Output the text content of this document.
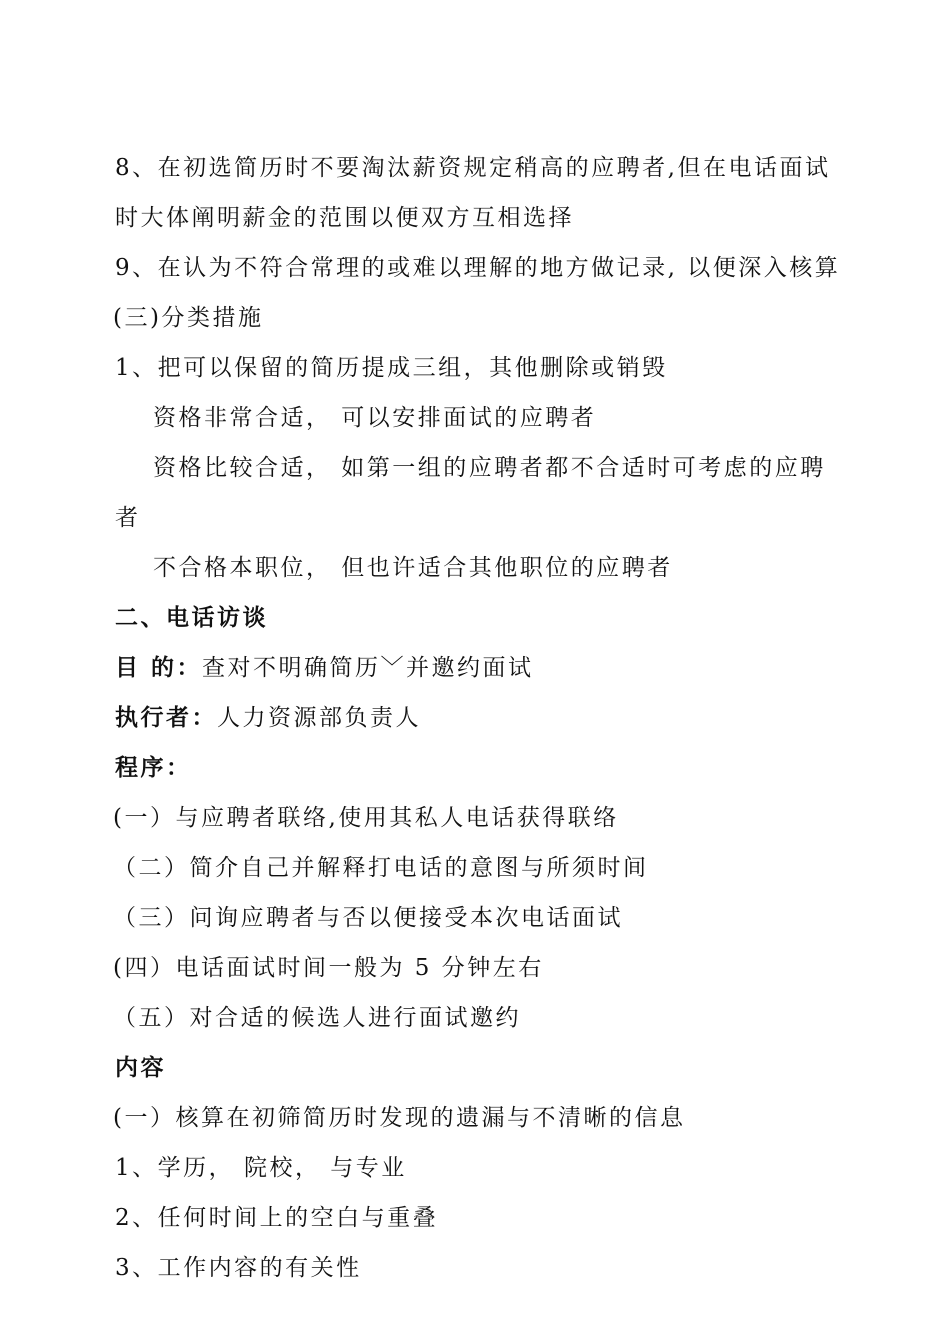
8、在初选简历时不要淘汰薪资规定稍高的应聘者,但在电话面试
时大体阐明薪金的范围以便双方互相选择
9、在认为不符合常理的或难以理解的地方做记录, 以便深入核算
(三)分类措施
1、把可以保留的简历提成三组，其他删除或销毁
资格非常合适， 可以安排面试的应聘者
资格比较合适， 如第一组的应聘者都不合适时可考虑的应聘
者
不合格本职位， 但也许适合其他职位的应聘者
二、电话访谈
目 的：查对不明确简历﹀并邀约面试
执行者：人力资源部负责人
程序：
(一）与应聘者联络,使用其私人电话获得联络
（二）简介自己并解释打电话的意图与所须时间
（三）问询应聘者与否以便接受本次电话面试
(四）电话面试时间一般为 5 分钟左右
（五）对合适的候选人进行面试邀约
内容
(一）核算在初筛简历时发现的遗漏与不清晰的信息
1、学历， 院校， 与专业
2、任何时间上的空白与重叠
3、工作内容的有关性
